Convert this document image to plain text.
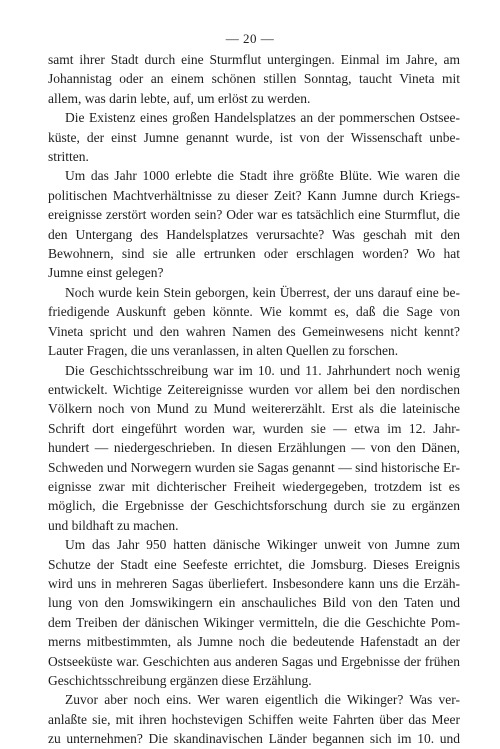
— 20 —

samt ihrer Stadt durch eine Sturmflut untergingen. Einmal im Jahre, am
Johannistag oder an einem schönen stillen Sonntag, taucht Vineta mit
allem, was darin lebte, auf, um erlöst zu werden.

Die Existenz eines großen Handelsplatzes an der pommerschen Ostsee-
küste, der einst Jumne genannt wurde, ist von der Wissenschaft unbe-
stritten.

Um das Jahr 1000 erlebte die Stadt ihre größte Blüte. Wie waren die
politischen Machtverhältnisse zu dieser Zeit? Kann Jumne durch Kriegs-
ereignisse zerstört worden sein? Oder war es tatsächlich eine Sturmflut, die
den Untergang des Handelsplatzes verursachte? Was geschah mit den
Bewohnern, sind sie alle ertrunken oder erschlagen worden? Wo hat
Jumne einst gelegen?

Noch wurde kein Stein geborgen, kein Überrest, der uns darauf eine be-
friedigende Auskunft geben könnte. Wie kommt es, daß die Sage von
Vineta spricht und den wahren Namen des Gemeinwesens nicht kennt?
Lauter Fragen, die uns veranlassen, in alten Quellen zu forschen.

Die Geschichtsschreibung war im 10. und 11. Jahrhundert noch wenig
entwickelt. Wichtige Zeitereignisse wurden vor allem bei den nordischen
Völkern noch von Mund zu Mund weitererzählt. Erst als die lateinische
Schrift dort eingeführt worden war, wurden sie — etwa im 12. Jahr-
hundert — niedergeschrieben. In diesen Erzählungen — von den Dänen,
Schweden und Norwegern wurden sie Sagas genannt — sind historische Er-
eignisse zwar mit dichterischer Freiheit wiedergegeben, trotzdem ist es
möglich, die Ergebnisse der Geschichtsforschung durch sie zu ergänzen
und bildhaft zu machen.

Um das Jahr 950 hatten dänische Wikinger unweit von Jumne zum
Schutze der Stadt eine Seefeste errichtet, die Jomsburg. Dieses Ereignis
wird uns in mehreren Sagas überliefert. Insbesondere kann uns die Erzäh-
lung von den Jomswikingern ein anschauliches Bild von den Taten und
dem Treiben der dänischen Wikinger vermitteln, die die Geschichte Pom-
merns mitbestimmten, als Jumne noch die bedeutende Hafenstadt an der
Ostseeküste war. Geschichten aus anderen Sagas und Ergebnisse der frühen
Geschichtsschreibung ergänzen diese Erzählung.

Zuvor aber noch eins. Wer waren eigentlich die Wikinger? Was ver-
anlaßte sie, mit ihren hochstevigen Schiffen weite Fahrten über das Meer
zu unternehmen? Die skandinavischen Länder begannen sich im 10. und
